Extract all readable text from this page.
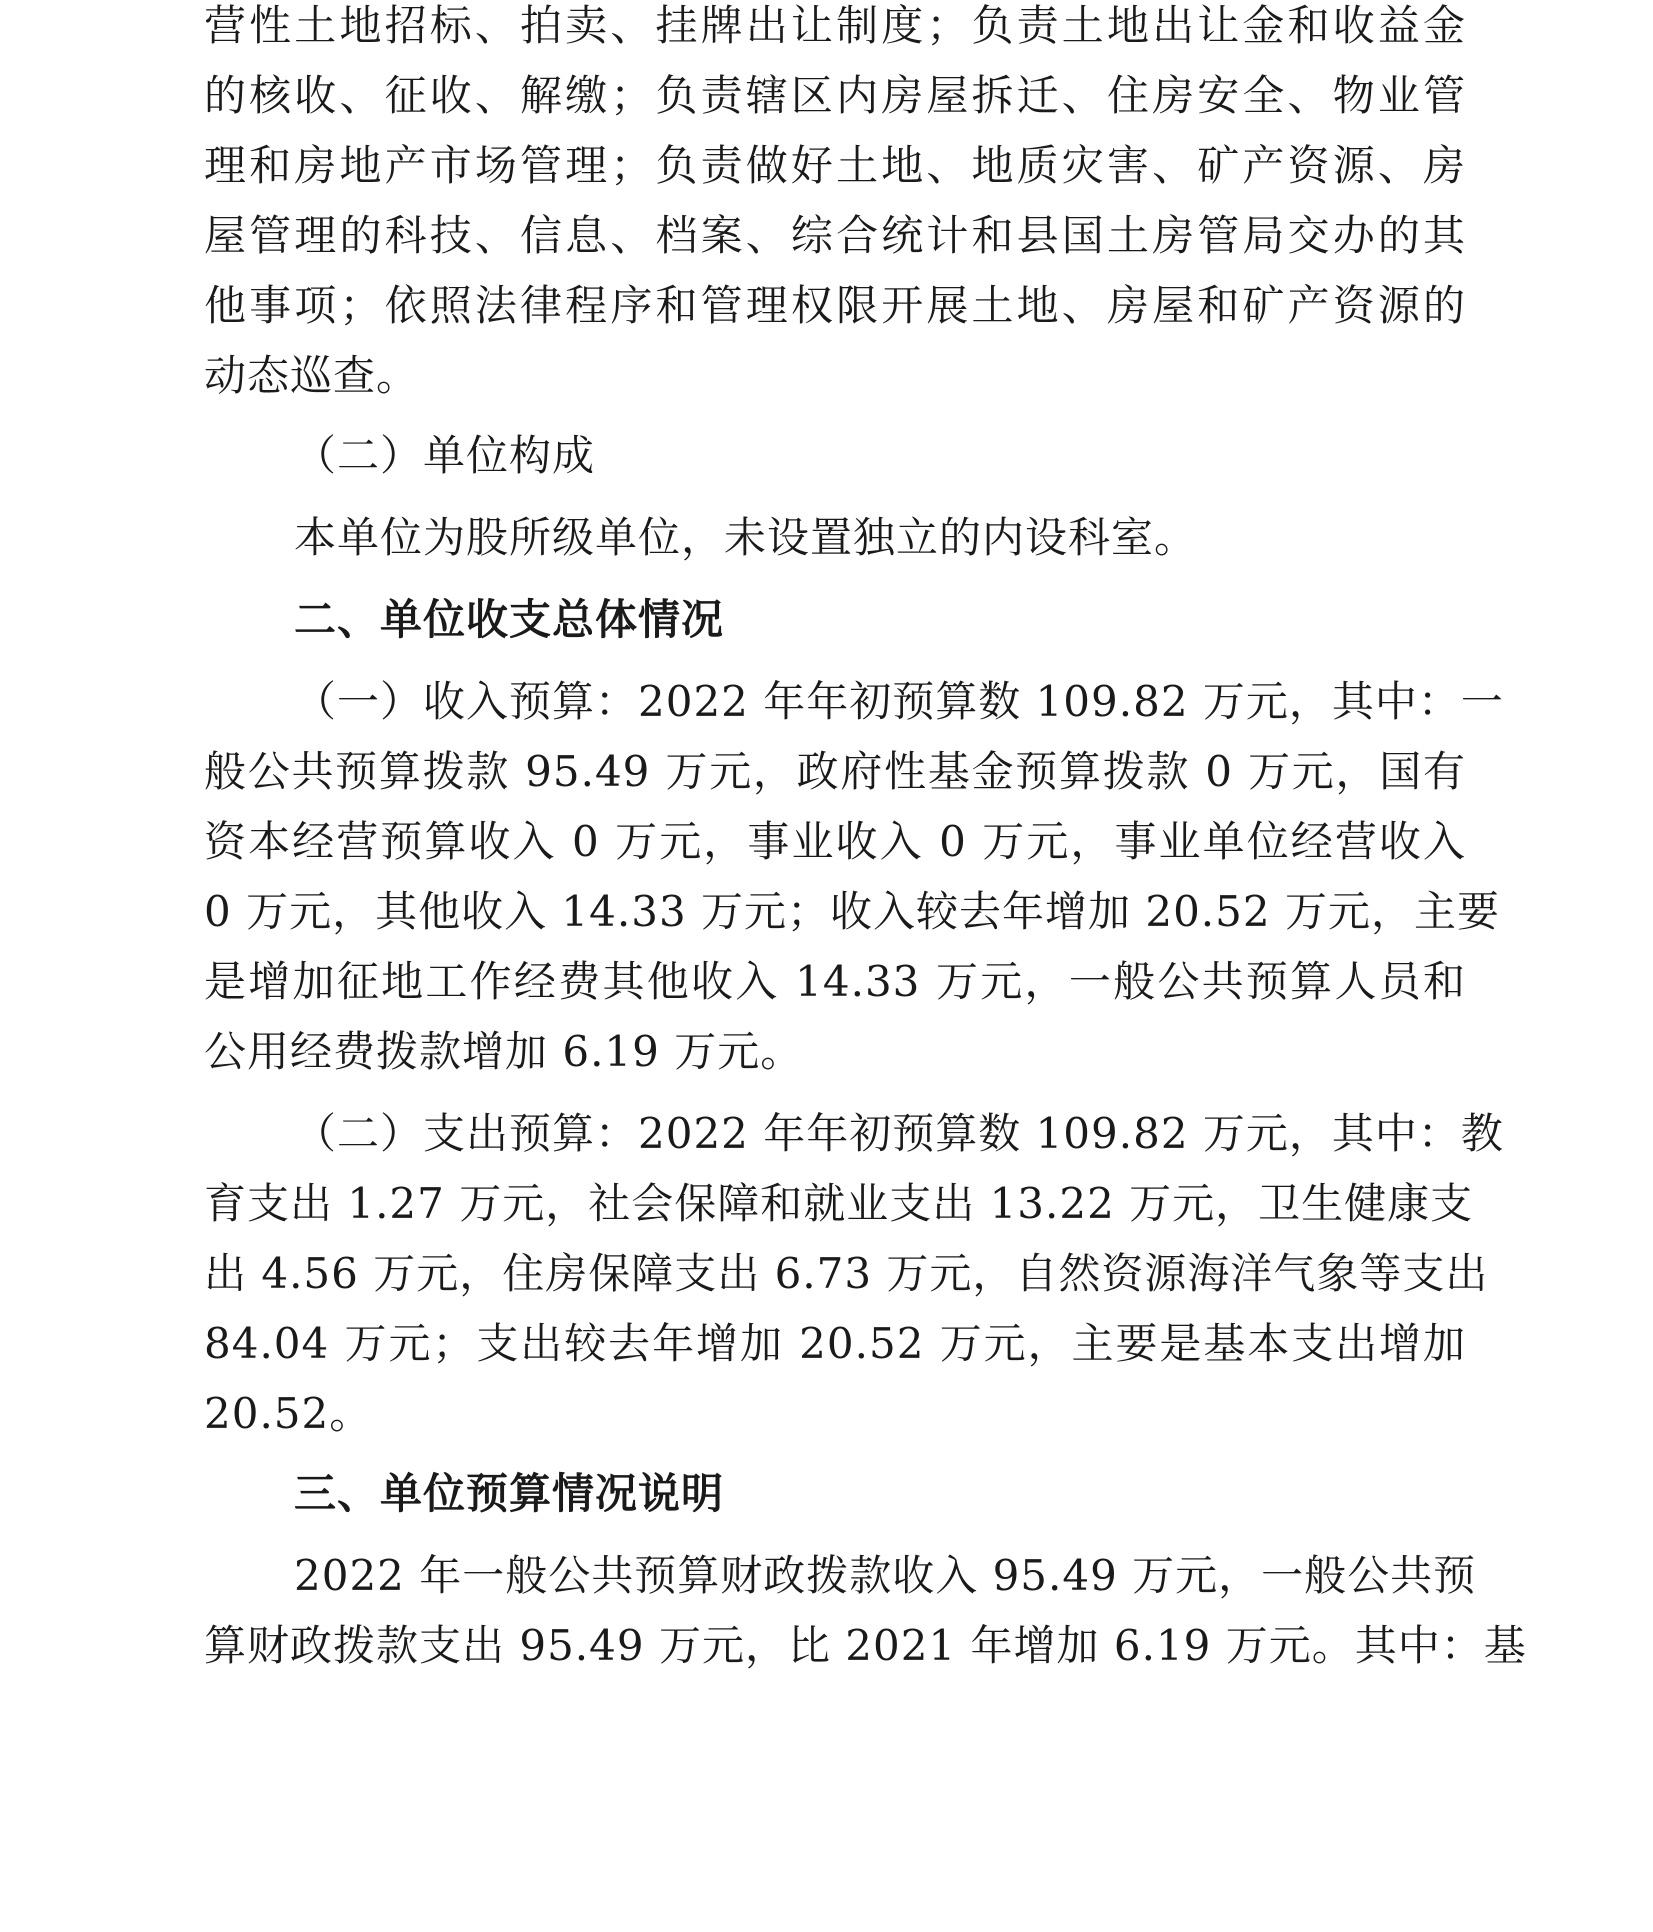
营性土地招标、拍卖、挂牌出让制度；负责土地出让金和收益金
的核收、征收、解缴；负责辖区内房屋拆迁、住房安全、物业管
理和房地产市场管理；负责做好土地、地质灾害、矿产资源、房
屋管理的科技、信息、档案、综合统计和县国土房管局交办的其
他事项；依照法律程序和管理权限开展土地、房屋和矿产资源的
动态巡查。
（二）单位构成
本单位为股所级单位，未设置独立的内设科室。
二、单位收支总体情况
（一）收入预算：2022 年年初预算数 109.82 万元，其中：一
般公共预算拨款 95.49 万元，政府性基金预算拨款 0 万元，国有
资本经营预算收入 0 万元，事业收入 0 万元，事业单位经营收入
0 万元，其他收入 14.33 万元；收入较去年增加 20.52 万元，主要
是增加征地工作经费其他收入 14.33 万元，一般公共预算人员和
公用经费拨款增加 6.19 万元。
（二）支出预算：2022 年年初预算数 109.82 万元，其中：教
育支出 1.27 万元，社会保障和就业支出 13.22 万元，卫生健康支
出 4.56 万元，住房保障支出 6.73 万元，自然资源海洋气象等支出
84.04 万元；支出较去年增加 20.52 万元，主要是基本支出增加
20.52。
三、单位预算情况说明
2022 年一般公共预算财政拨款收入 95.49 万元，一般公共预
算财政拨款支出 95.49 万元，比 2021 年增加 6.19 万元。其中：基
